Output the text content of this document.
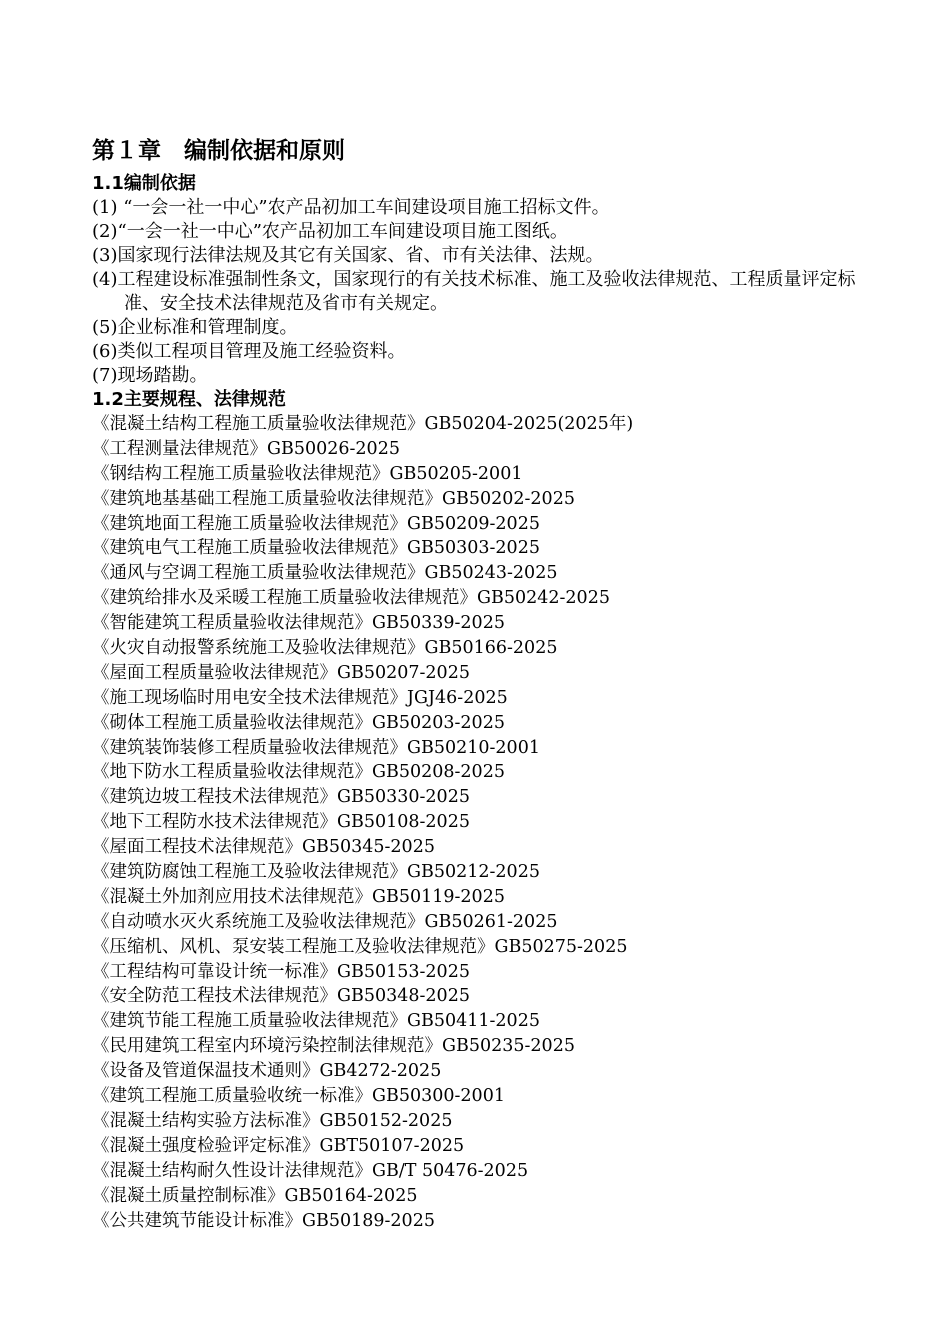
第１章　编制依据和原则
1.1编制依据
(1) “一会一社一中心”农产品初加工车间建设项目施工招标文件。
(2)“一会一社一中心”农产品初加工车间建设项目施工图纸。
(3)国家现行法律法规及其它有关国家、省、市有关法律、法规。
(4)工程建设标准强制性条文，国家现行的有关技术标准、施工及验收法律规范、工程质量评定标准、安全技术法律规范及省市有关规定。
(5)企业标准和管理制度。
(6)类似工程项目管理及施工经验资料。
(7)现场踏勘。
1.2主要规程、法律规范
《混凝土结构工程施工质量验收法律规范》GB50204-2025(2025年)
《工程测量法律规范》GB50026-2025
《钢结构工程施工质量验收法律规范》GB50205-2001
《建筑地基基础工程施工质量验收法律规范》GB50202-2025
《建筑地面工程施工质量验收法律规范》GB50209-2025
《建筑电气工程施工质量验收法律规范》GB50303-2025
《通风与空调工程施工质量验收法律规范》GB50243-2025
《建筑给排水及采暖工程施工质量验收法律规范》GB50242-2025
《智能建筑工程质量验收法律规范》GB50339-2025
《火灾自动报警系统施工及验收法律规范》GB50166-2025
《屋面工程质量验收法律规范》GB50207-2025
《施工现场临时用电安全技术法律规范》JGJ46-2025
《砌体工程施工质量验收法律规范》GB50203-2025
《建筑装饰装修工程质量验收法律规范》GB50210-2001
《地下防水工程质量验收法律规范》GB50208-2025
《建筑边坡工程技术法律规范》GB50330-2025
《地下工程防水技术法律规范》GB50108-2025
《屋面工程技术法律规范》GB50345-2025
《建筑防腐蚀工程施工及验收法律规范》GB50212-2025
《混凝土外加剂应用技术法律规范》GB50119-2025
《自动喷水灭火系统施工及验收法律规范》GB50261-2025
《压缩机、风机、泵安装工程施工及验收法律规范》GB50275-2025
《工程结构可靠设计统一标准》GB50153-2025
《安全防范工程技术法律规范》GB50348-2025
《建筑节能工程施工质量验收法律规范》GB50411-2025
《民用建筑工程室内环境污染控制法律规范》GB50235-2025
《设备及管道保温技术通则》GB4272-2025
《建筑工程施工质量验收统一标准》GB50300-2001
《混凝土结构实验方法标准》GB50152-2025
《混凝土强度检验评定标准》GBT50107-2025
《混凝土结构耐久性设计法律规范》GB/T 50476-2025
《混凝土质量控制标准》GB50164-2025
《公共建筑节能设计标准》GB50189-2025
